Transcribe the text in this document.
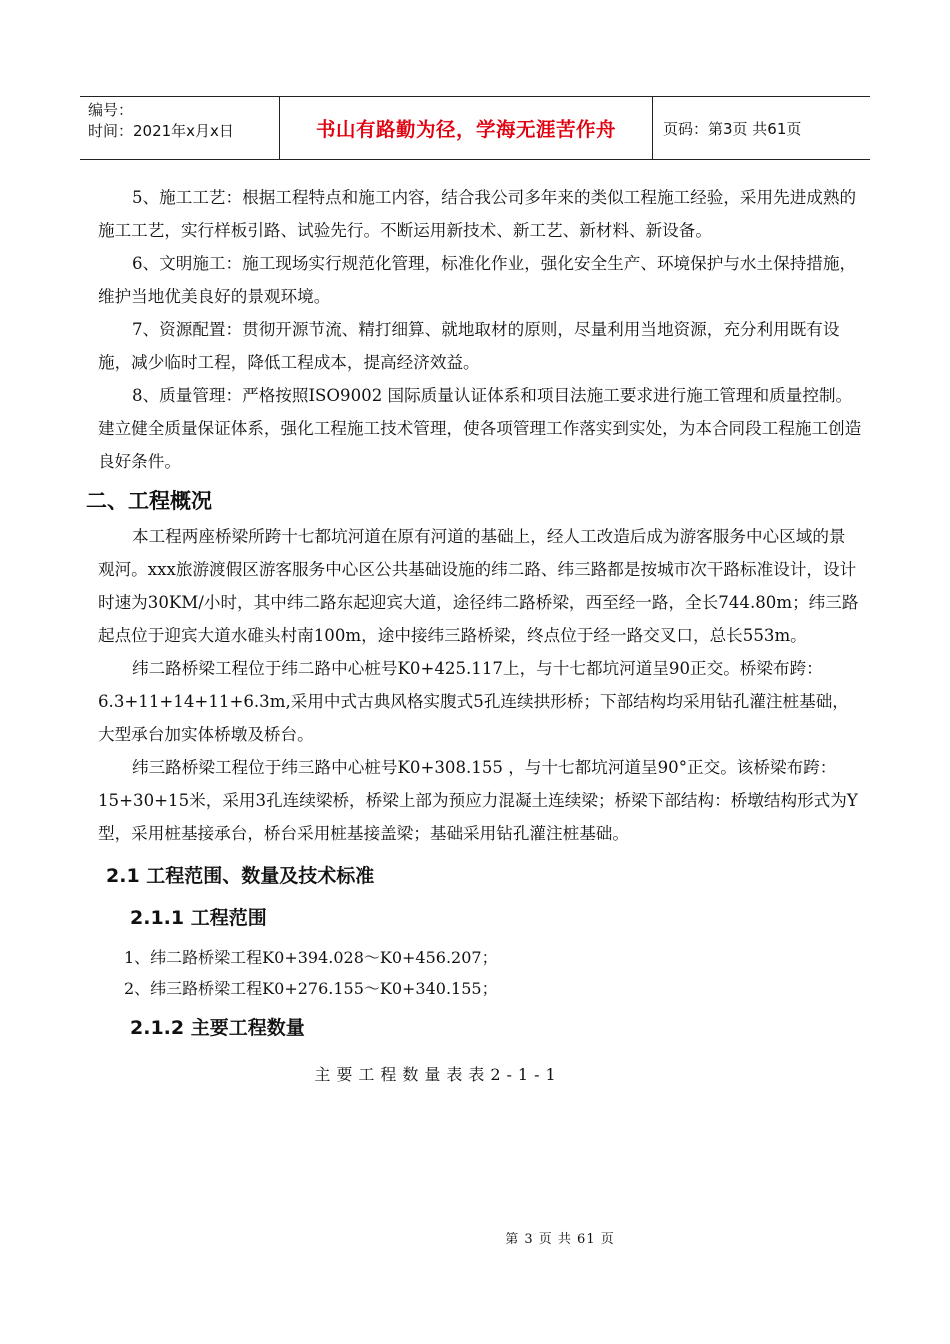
编号：
时间：2021年x月x日	书山有路勤为径，学海无涯苦作舟	页码：第3页 共61页

5、施工工艺：根据工程特点和施工内容，结合我公司多年来的类似工程施工经验，采用先进成熟的施工工艺，实行样板引路、试验先行。不断运用新技术、新工艺、新材料、新设备。

6、文明施工：施工现场实行规范化管理，标准化作业，强化安全生产、环境保护与水土保持措施，维护当地优美良好的景观环境。

7、资源配置：贯彻开源节流、精打细算、就地取材的原则，尽量利用当地资源，充分利用既有设施，减少临时工程，降低工程成本，提高经济效益。

8、质量管理：严格按照ISO9002 国际质量认证体系和项目法施工要求进行施工管理和质量控制。建立健全质量保证体系，强化工程施工技术管理，使各项管理工作落实到实处，为本合同段工程施工创造良好条件。

二、工程概况

本工程两座桥梁所跨十七都坑河道在原有河道的基础上，经人工改造后成为游客服务中心区域的景观河。xxx旅游渡假区游客服务中心区公共基础设施的纬二路、纬三路都是按城市次干路标准设计，设计时速为30KM/小时，其中纬二路东起迎宾大道，途径纬二路桥梁，西至经一路，全长744.80m；纬三路起点位于迎宾大道水碓头村南100m，途中接纬三路桥梁，终点位于经一路交叉口，总长553m。

纬二路桥梁工程位于纬二路中心桩号K0+425.117上，与十七都坑河道呈90正交。桥梁布跨：6.3+11+14+11+6.3m,采用中式古典风格实腹式5孔连续拱形桥；下部结构均采用钻孔灌注桩基础，大型承台加实体桥墩及桥台。

纬三路桥梁工程位于纬三路中心桩号K0+308.155 ，与十七都坑河道呈90°正交。该桥梁布跨：15+30+15米，采用3孔连续梁桥，桥梁上部为预应力混凝土连续梁；桥梁下部结构：桥墩结构形式为Y型，采用桩基接承台，桥台采用桩基接盖梁；基础采用钻孔灌注桩基础。

2.1 工程范围、数量及技术标准
2.1.1 工程范围
1、纬二路桥梁工程K0+394.028～K0+456.207；
2、纬三路桥梁工程K0+276.155～K0+340.155；
2.1.2 主要工程数量
主要工程数量表表2-1-1
第 3 页 共 61 页
